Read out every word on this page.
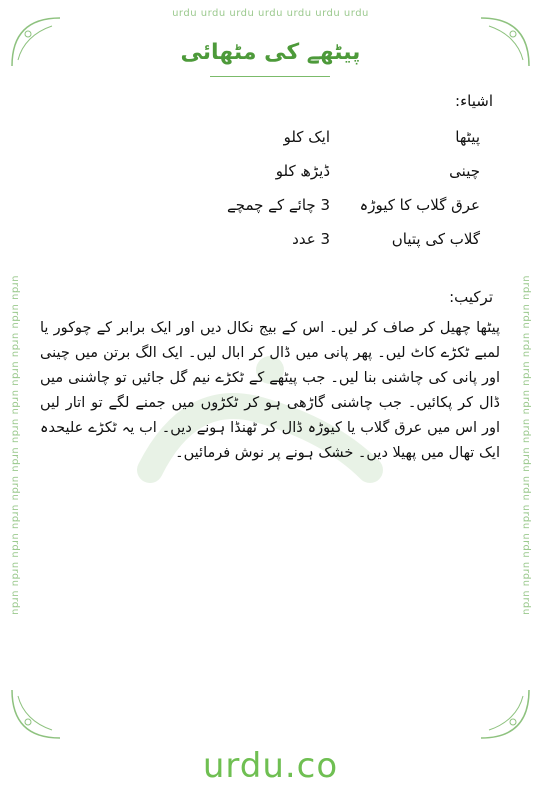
urdu urdu urdu urdu urdu urdu urdu
urdu urdu urdu urdu urdu urdu urdu urdu urdu urdu urdu urdu	urdu urdu urdu urdu urdu urdu urdu urdu urdu urdu urdu urdu
پیٹھے کی مٹھائی
اشیاء:
پیٹھا
ایک کلو
چینی
ڈیڑھ کلو
عرق گلاب کا کیوڑہ
3 چائے کے چمچے
گلاب کی پتیاں
3 عدد
ترکیب:
پیٹھا چھیل کر صاف کر لیں۔ اس کے بیج نکال دیں اور ایک برابر کے چوکور یا لمبے ٹکڑے کاٹ لیں۔ پھر پانی میں ڈال کر ابال لیں۔ ایک الگ برتن میں چینی اور پانی کی چاشنی بنا لیں۔ جب پیٹھے کے ٹکڑے نیم گل جائیں تو چاشنی میں ڈال کر پکائیں۔ جب چاشنی گاڑھی ہو کر ٹکڑوں میں جمنے لگے تو اتار لیں اور اس میں عرق گلاب یا کیوڑہ ڈال کر ٹھنڈا ہونے دیں۔ اب یہ ٹکڑے علیحدہ ایک تھال میں پھیلا دیں۔ خشک ہونے پر نوش فرمائیں۔
urdu.co
